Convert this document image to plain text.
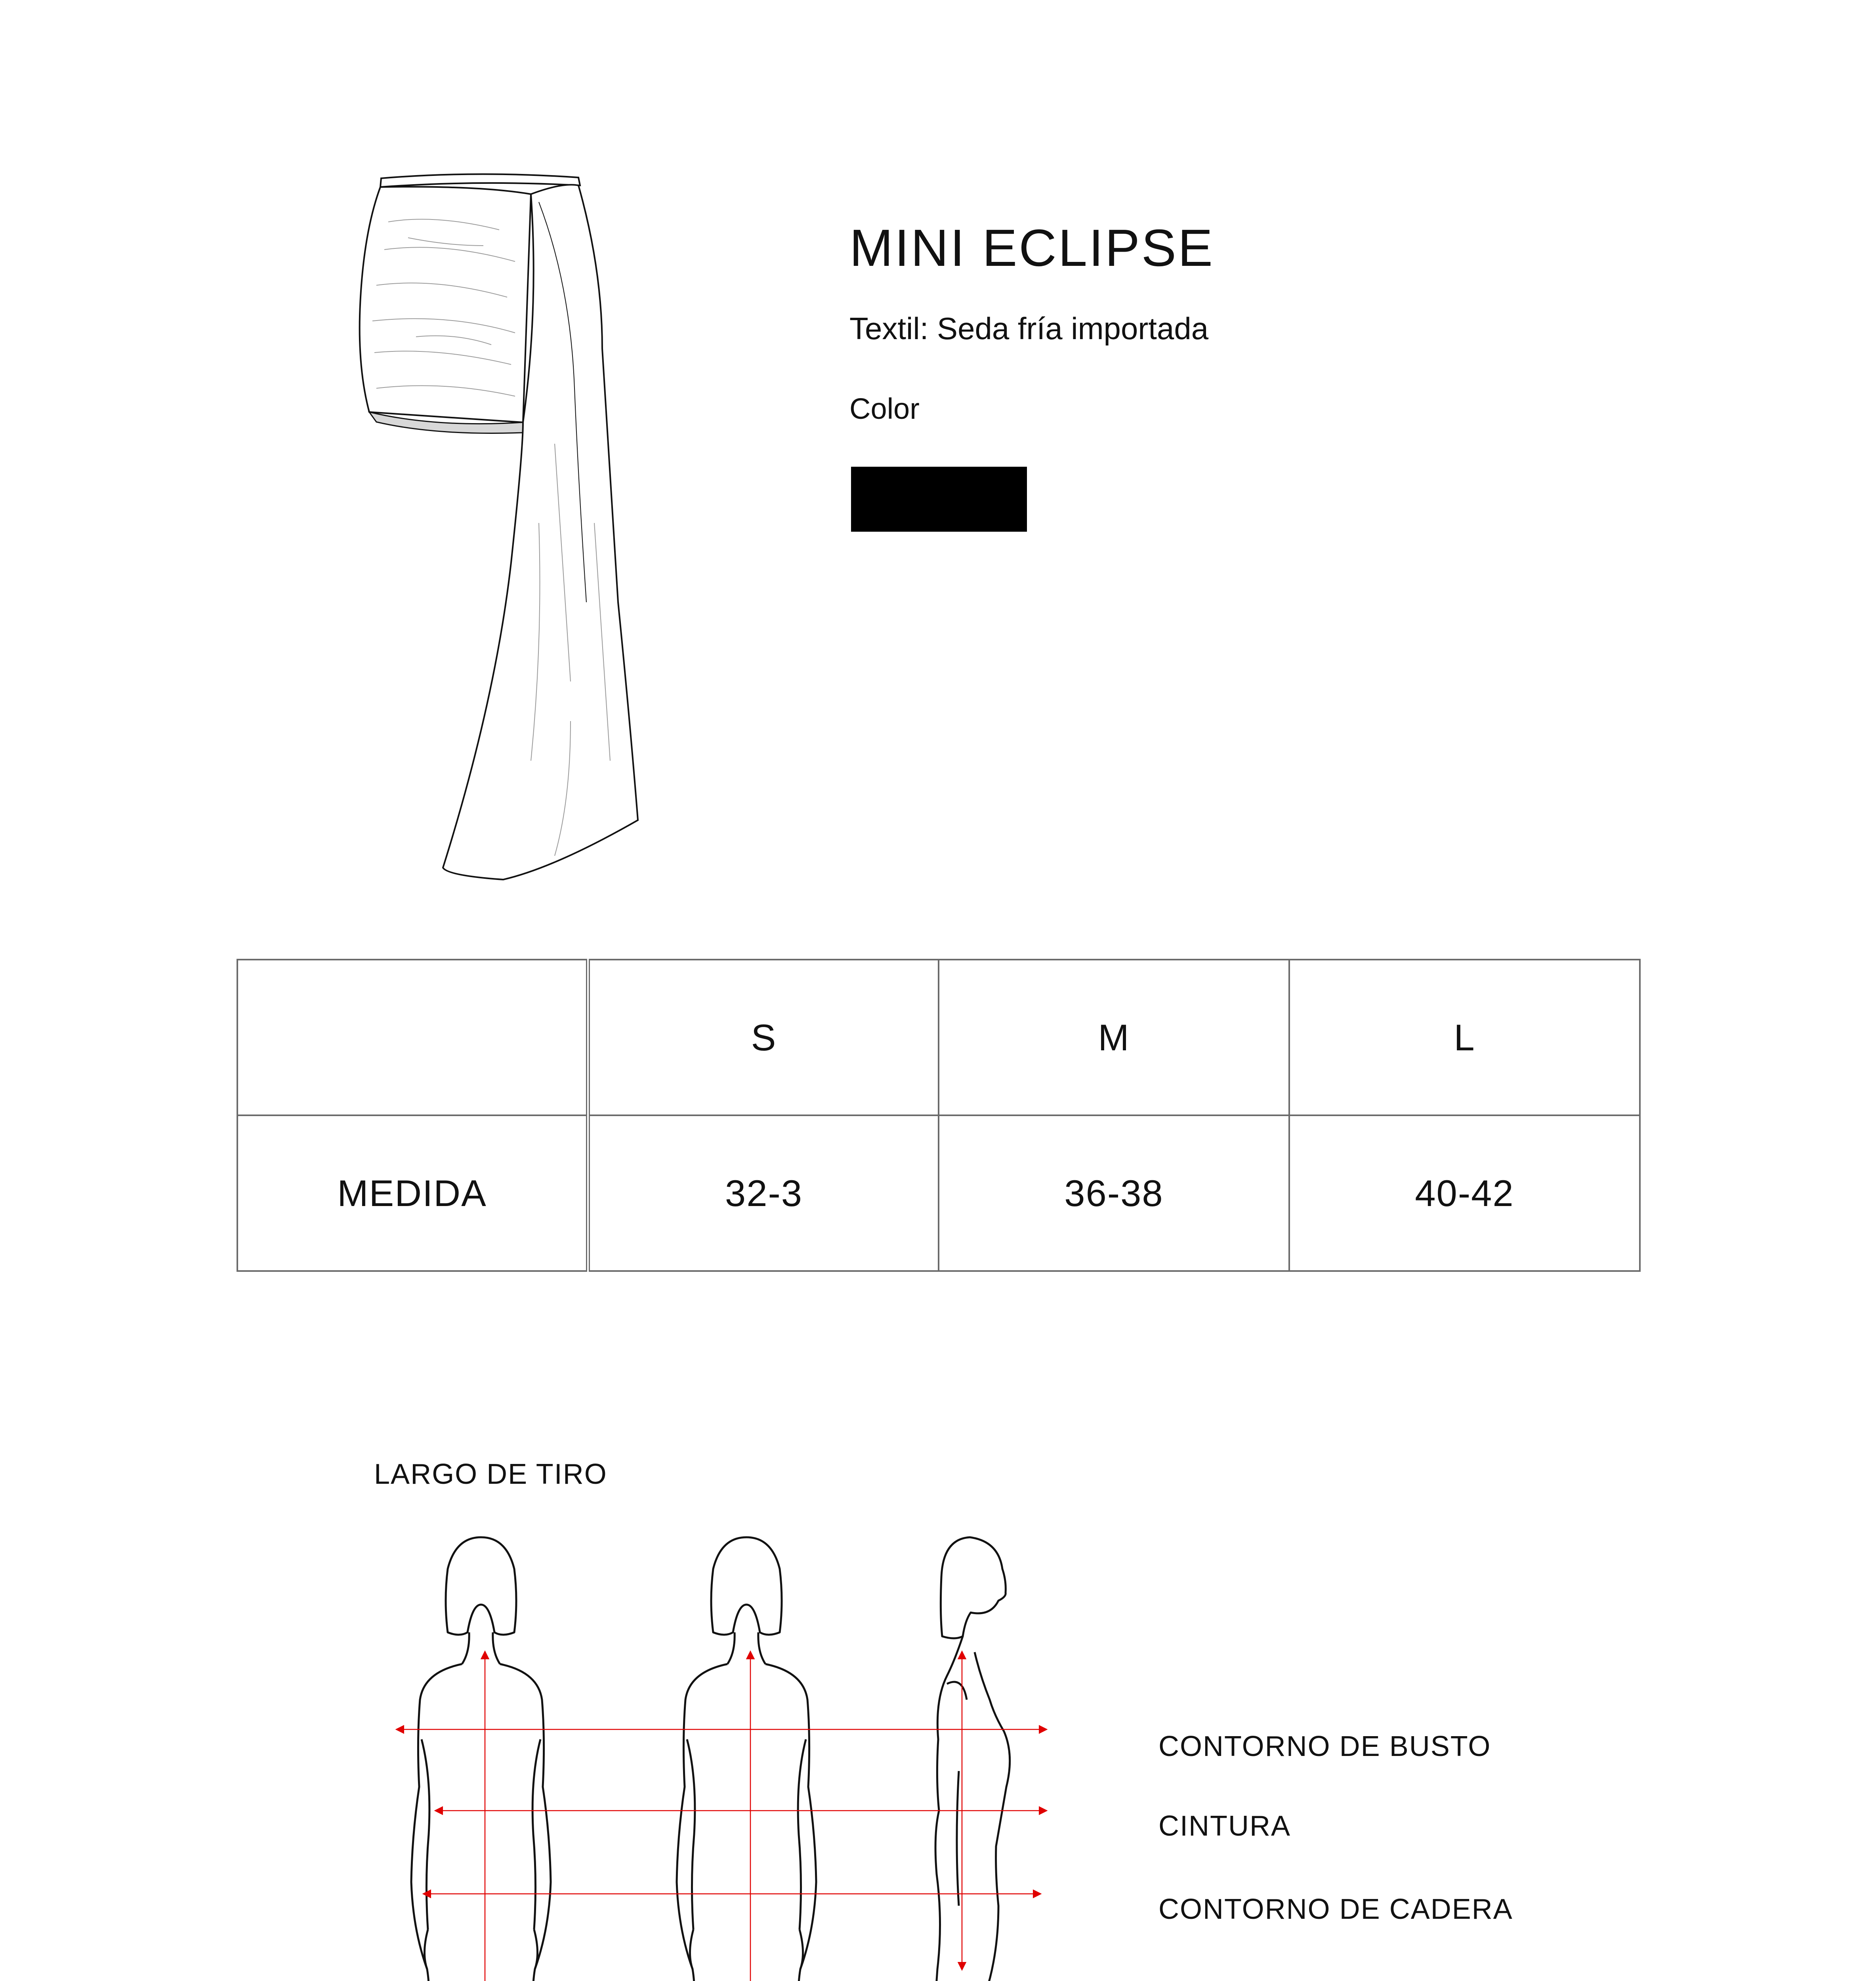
MINI ECLIPSE
Textil: Seda fría importada
Color
	S	M	L
MEDIDA	32-3	36-38	40-42
LARGO DE TIRO
CONTORNO DE BUSTO
CINTURA
CONTORNO DE CADERA
